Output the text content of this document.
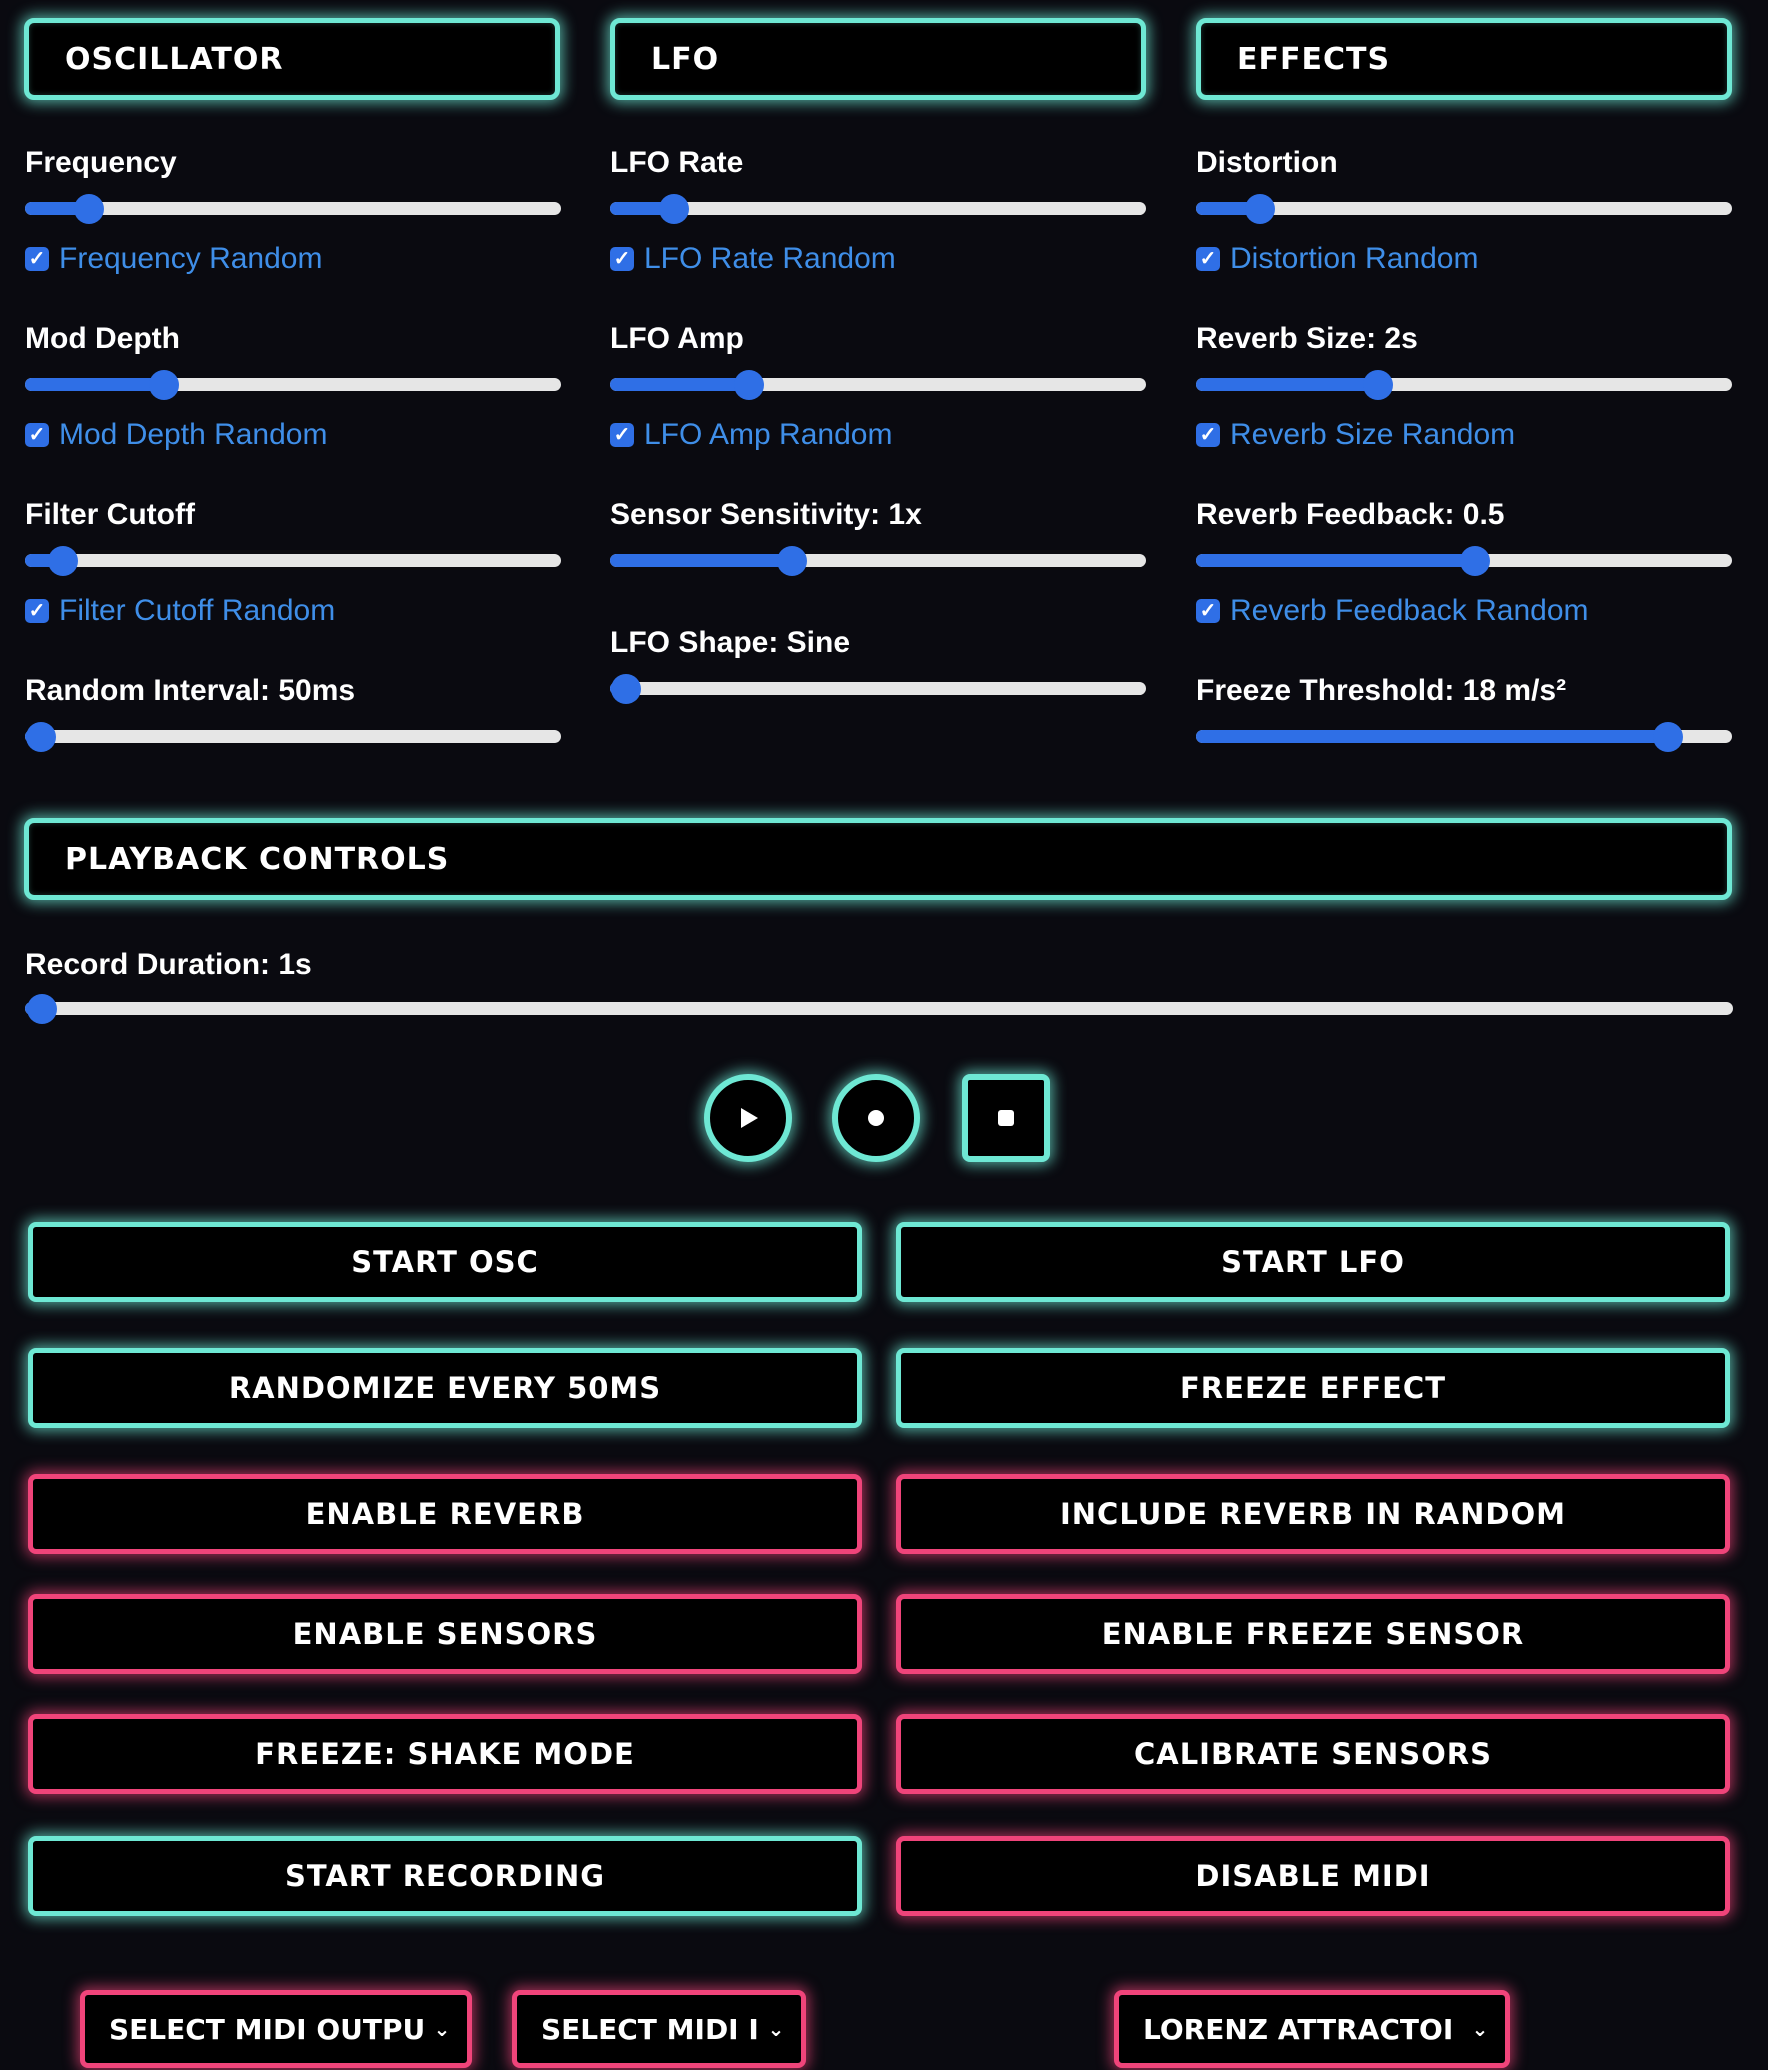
OSCILLATOR	LFO	EFFECTS
Frequency
✓ Frequency Random
Mod Depth
✓ Mod Depth Random
Filter Cutoff
✓ Filter Cutoff Random
Random Interval: 50ms
LFO Rate
✓ LFO Rate Random
LFO Amp
✓ LFO Amp Random
Sensor Sensitivity: 1x
LFO Shape: Sine
Distortion
✓ Distortion Random
Reverb Size: 2s
✓ Reverb Size Random
Reverb Feedback: 0.5
✓ Reverb Feedback Random
Freeze Threshold: 18 m/s²
PLAYBACK CONTROLS
Record Duration: 1s
START OSC	START LFO
RANDOMIZE EVERY 50MS	FREEZE EFFECT
ENABLE REVERB	INCLUDE REVERB IN RANDOM
ENABLE SENSORS	ENABLE FREEZE SENSOR
FREEZE: SHAKE MODE	CALIBRATE SENSORS
START RECORDING	DISABLE MIDI
SELECT MIDI OUTPU ⌄	SELECT MIDI I ⌄	LORENZ ATTRACTOI ⌄
